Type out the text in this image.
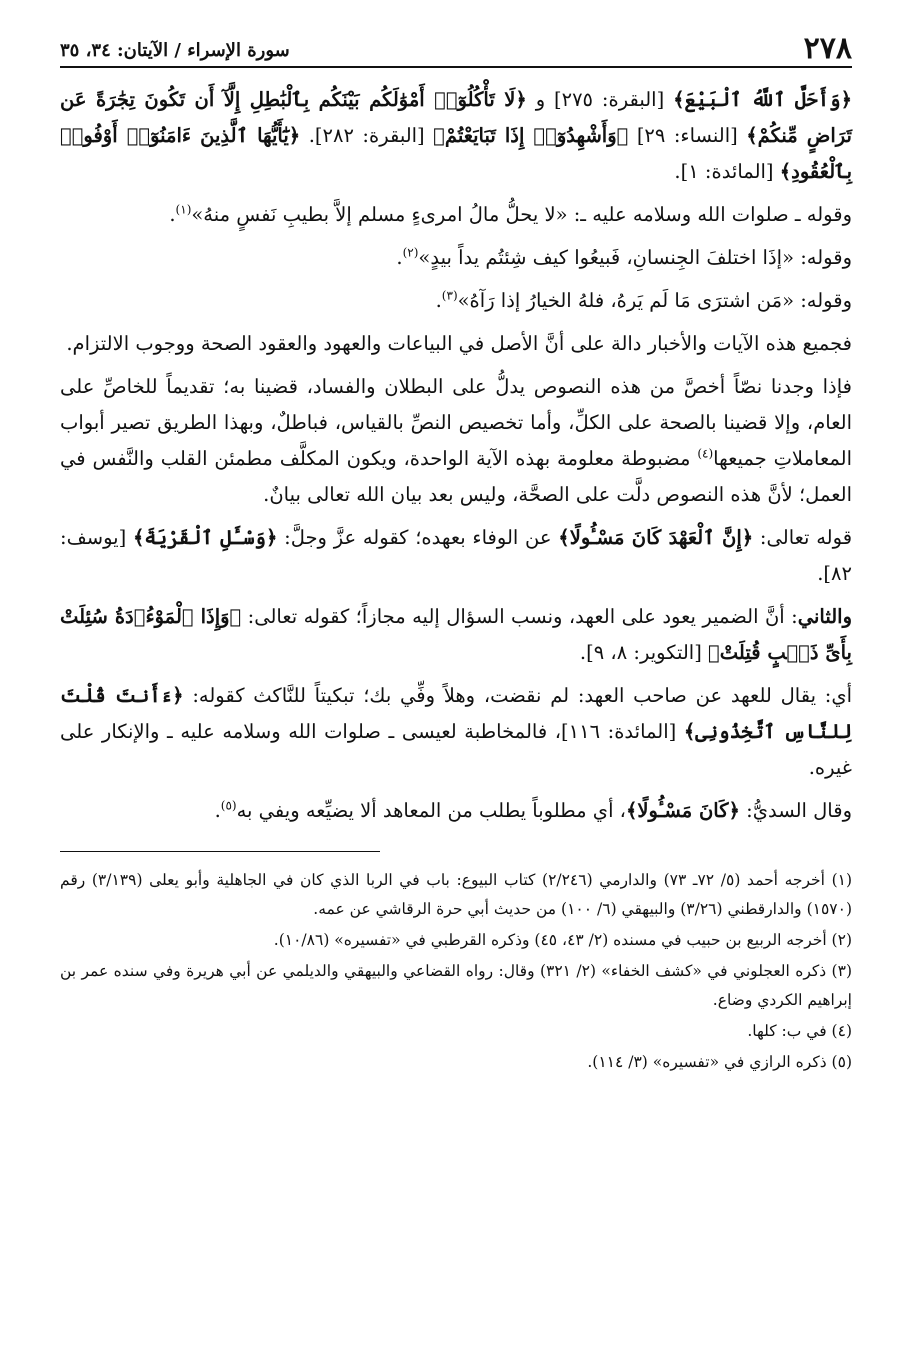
٢٧٨
سورة الإسراء / الآيتان: ٣٤، ٣٥

﴿وَأَحَلَّ ٱللَّهُ ٱلْبَيْعَ﴾ [البقرة: ٢٧٥] و ﴿لَا تَأْكُلُوٓا۟ أَمْوَٰلَكُم بَيْنَكُم بِٱلْبَٰطِلِ إِلَّآ أَن تَكُونَ تِجَٰرَةً عَن تَرَاضٍ مِّنكُمْ﴾ [النساء: ٢٩] ﴿وَأَشْهِدُوٓا۟ إِذَا تَبَايَعْتُمْ﴾ [البقرة: ٢٨٢]. ﴿يَٰٓأَيُّهَا ٱلَّذِينَ ءَامَنُوٓا۟ أَوْفُوا۟ بِٱلْعُقُودِ﴾ [المائدة: ١].

وقوله ـ صلوات الله وسلامه عليه ـ: «لا يحلُّ مالُ امرىءٍ مسلم إلاَّ بطيبِ نَفسٍ منهُ»$^{(١)}$.

وقوله: «إذَا اختلفَ الجِنسانِ، فَبيعُوا كيف شِئتُم يداً بيدٍ»$^{(٢)}$.

وقوله: «مَن اشترَى مَا لَم يَرهُ، فلهُ الخيارُ إذا رَآهُ»$^{(٣)}$.

فجميع هذه الآيات والأخبار دالة على أنَّ الأصل في البياعات والعهود والعقود الصحة ووجوب الالتزام.

فإذا وجدنا نصّاً أخصَّ من هذه النصوص يدلُّ على البطلان والفساد، قضينا به؛ تقديماً للخاصِّ على العام، وإلا قضينا بالصحة على الكلِّ، وأما تخصيص النصِّ بالقياس، فباطلٌ، وبهذا الطريق تصير أبواب المعاملاتِ جميعها$^{(٤)}$ مضبوطة معلومة بهذه الآية الواحدة، ويكون المكلَّف مطمئن القلب والنَّفس في العمل؛ لأنَّ هذه النصوص دلَّت على الصحَّة، وليس بعد بيان الله تعالى بيانٌ.

قوله تعالى: ﴿إِنَّ ٱلْعَهْدَ كَانَ مَسْـُٔولًا﴾ عن الوفاء بعهده؛ كقوله عزَّ وجلَّ: ﴿وَسْـَٔلِ ٱلْقَرْيَةَ﴾ [يوسف: ٨٢].

والثاني: أنَّ الضمير يعود على العهد، ونسب السؤال إليه مجازاً؛ كقوله تعالى: ﴿وَإِذَا ٱلْمَوْءُۥدَةُ سُئِلَتْ بِأَىِّ ذَنۢبٍ قُتِلَتْ﴾ [التكوير: ٨، ٩].

أي: يقال للعهد عن صاحب العهد: لم نقضت، وهلاً وفِّي بك؛ تبكيتاً للنَّاكث كقوله: ﴿ءَأَنتَ قُلْتَ لِلنَّاسِ ٱتَّخِذُونِى﴾ [المائدة: ١١٦]، فالمخاطبة لعيسى ـ صلوات الله وسلامه عليه ـ والإنكار على غيره.

وقال السديُّ: ﴿كَانَ مَسْـُٔولًا﴾، أي مطلوباً يطلب من المعاهد ألا يضيِّعه ويفي به$^{(٥)}$.

(١) أخرجه أحمد (٥/ ٧٢ـ ٧٣) والدارمي (٢/٢٤٦) كتاب البيوع: باب في الربا الذي كان في الجاهلية وأبو يعلى (٣/١٣٩) رقم (١٥٧٠) والدارقطني (٣/٢٦) والبيهقي (٦/ ١٠٠) من حديث أبي حرة الرقاشي عن عمه.

(٢) أخرجه الربيع بن حبيب في مسنده (٢/ ٤٣، ٤٥) وذكره القرطبي في «تفسيره» (١٠/٨٦).

(٣) ذكره العجلوني في «كشف الخفاء» (٢/ ٣٢١) وقال: رواه القضاعي والبيهقي والديلمي عن أبي هريرة وفي سنده عمر بن إبراهيم الكردي وضاع.

(٤) في ب: كلها.

(٥) ذكره الرازي في «تفسيره» (٣/ ١١٤).
